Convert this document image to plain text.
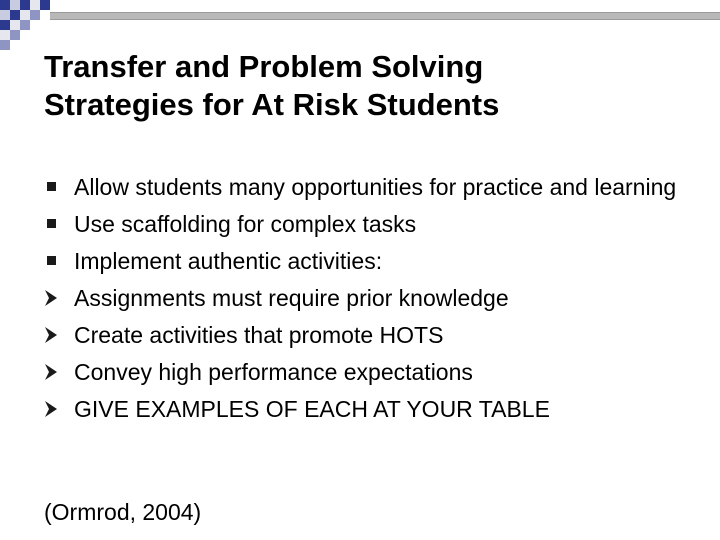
Transfer and Problem Solving
Strategies for At Risk Students
Allow students many opportunities for practice and learning
Use scaffolding for complex tasks
Implement authentic activities:
Assignments must require prior knowledge
Create activities that promote HOTS
Convey high performance expectations
GIVE EXAMPLES OF EACH AT YOUR TABLE

(Ormrod, 2004)
